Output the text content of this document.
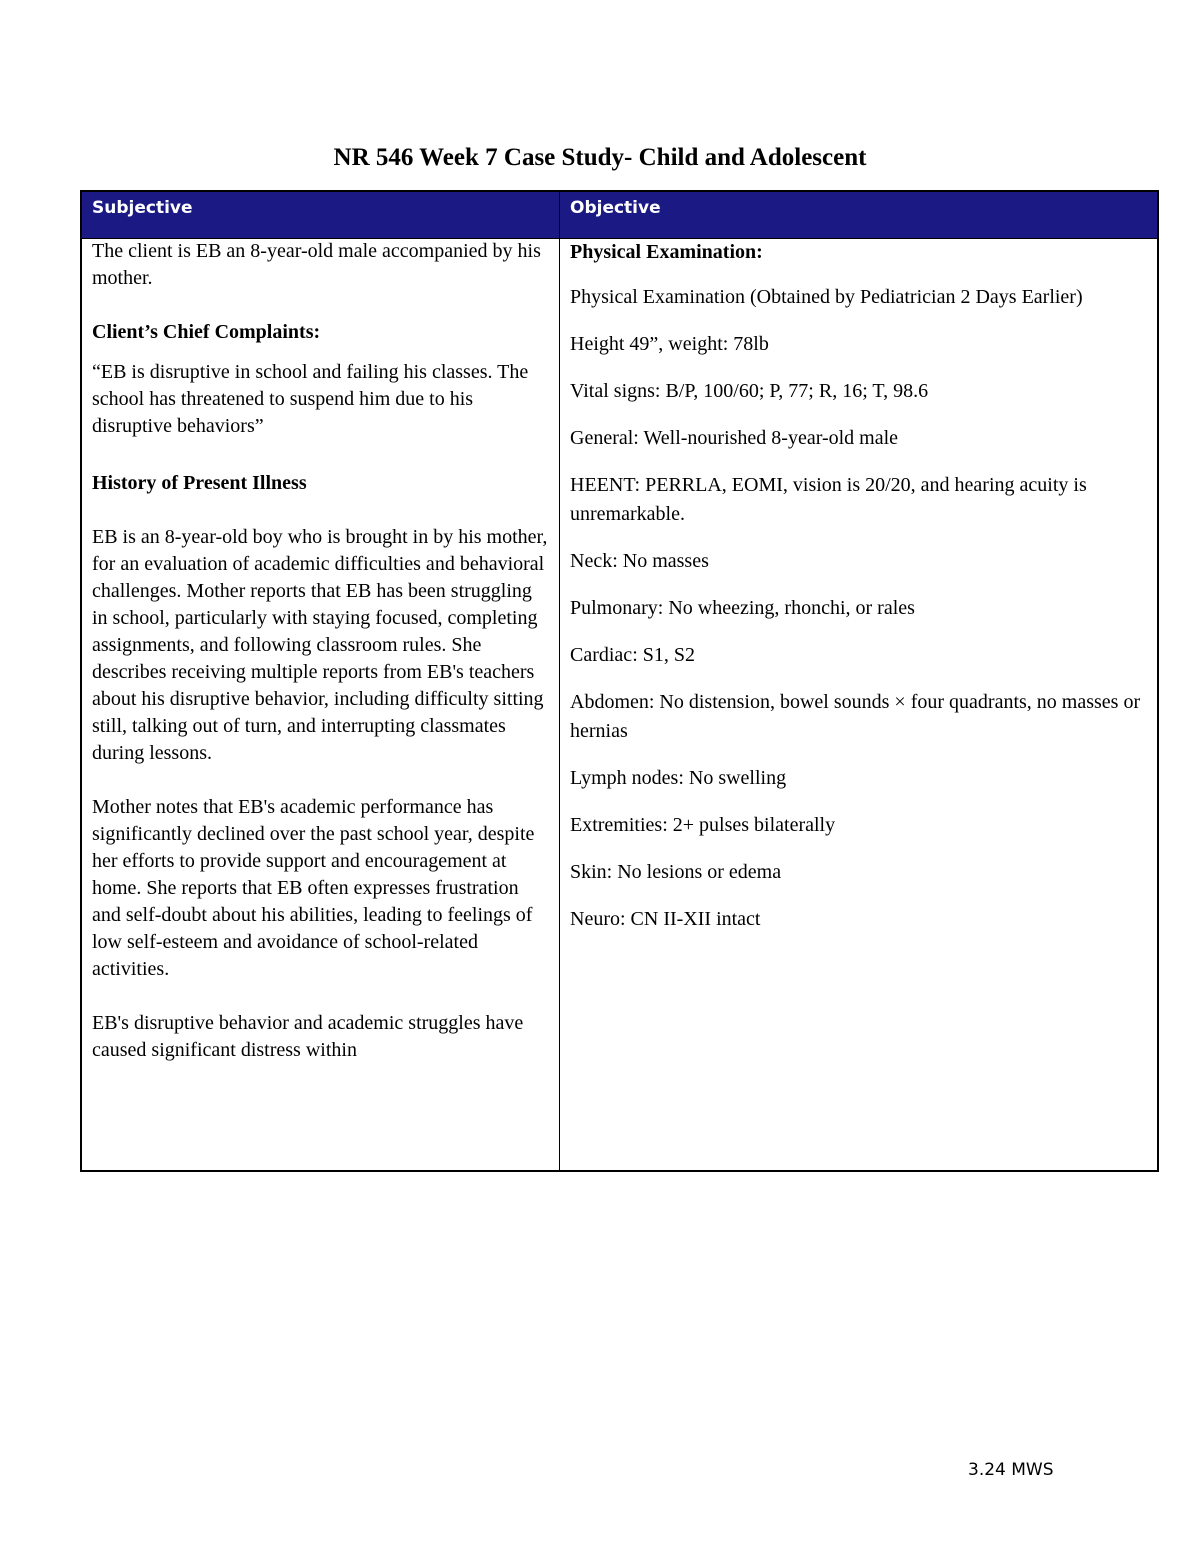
NR 546 Week 7 Case Study- Child and Adolescent
Subjective	Objective

The client is EB an 8-year-old male accompanied by his mother.

Client’s Chief Complaints:

“EB is disruptive in school and failing his classes. The school has threatened to suspend him due to his disruptive behaviors”

History of Present Illness

EB is an 8-year-old boy who is brought in by his mother, for an evaluation of academic difficulties and behavioral challenges. Mother reports that EB has been struggling in school, particularly with staying focused, completing assignments, and following classroom rules. She describes receiving multiple reports from EB's teachers about his disruptive behavior, including difficulty sitting still, talking out of turn, and interrupting classmates during lessons.

Mother notes that EB's academic performance has significantly declined over the past school year, despite her efforts to provide support and encouragement at home. She reports that EB often expresses frustration and self-doubt about his abilities, leading to feelings of low self-esteem and avoidance of school-related activities.

EB's disruptive behavior and academic struggles have caused significant distress within

Physical Examination:

Physical Examination (Obtained by Pediatrician 2 Days Earlier)

Height 49”, weight: 78lb

Vital signs: B/P, 100/60; P, 77; R, 16; T, 98.6

General: Well-nourished 8-year-old male

HEENT: PERRLA, EOMI, vision is 20/20, and hearing acuity is unremarkable.

Neck: No masses

Pulmonary: No wheezing, rhonchi, or rales

Cardiac: S1, S2

Abdomen: No distension, bowel sounds × four quadrants, no masses or hernias

Lymph nodes: No swelling

Extremities: 2+ pulses bilaterally

Skin: No lesions or edema

Neuro: CN II-XII intact

3.24 MWS
